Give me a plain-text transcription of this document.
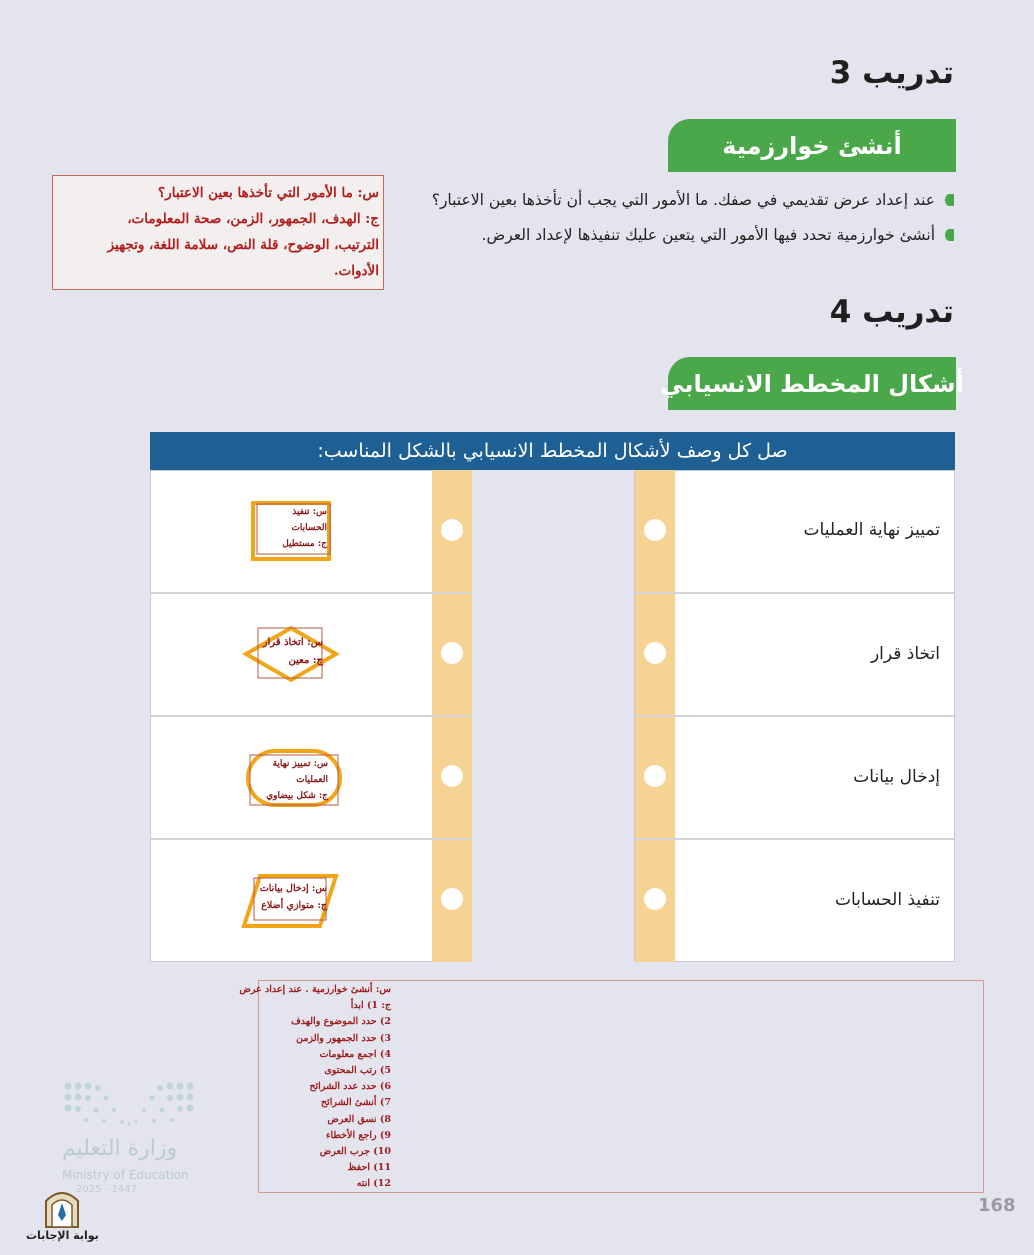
تدريب 3
أنشئ خوارزمية
عند إعداد عرض تقديمي في صفك. ما الأمور التي يجب أن تأخذها بعين الاعتبار؟
أنشئ خوارزمية تحدد فيها الأمور التي يتعين عليك تنفيذها لإعداد العرض.
س: ما الأمور التي تأخذها بعين الاعتبار؟
ج: الهدف، الجمهور، الزمن، صحة المعلومات،
الترتيب، الوضوح، قلة النص، سلامة اللغة، وتجهيز
الأدوات.
تدريب 4
أشكال المخطط الانسيابي
صل كل وصف لأشكال المخطط الانسيابي بالشكل المناسب:
تمييز نهاية العمليات
اتخاذ قرار
إدخال بيانات
تنفيذ الحسابات
س: تنفيذ
الحسابات
ج: مستطيل
س: اتخاذ قرار
ج: معين
س: تمييز نهاية
العمليات
ج: شكل بيضاوي
س: إدخال بيانات
ج: متوازي أضلاع
س: أنشئ خوارزمية . عند إعداد عرض
ج: 1) ابدأ
2) حدد الموضوع والهدف
3) حدد الجمهور والزمن
4) اجمع معلومات
5) رتب المحتوى
6) حدد عدد الشرائح
7) أنشئ الشرائح
8) نسق العرض
9) راجع الأخطاء
10) جرب العرض
11) احفظ
12) انته
وزارة التعليم
Ministry of Education
2025 - 1447
بوابة الإجابات
168
